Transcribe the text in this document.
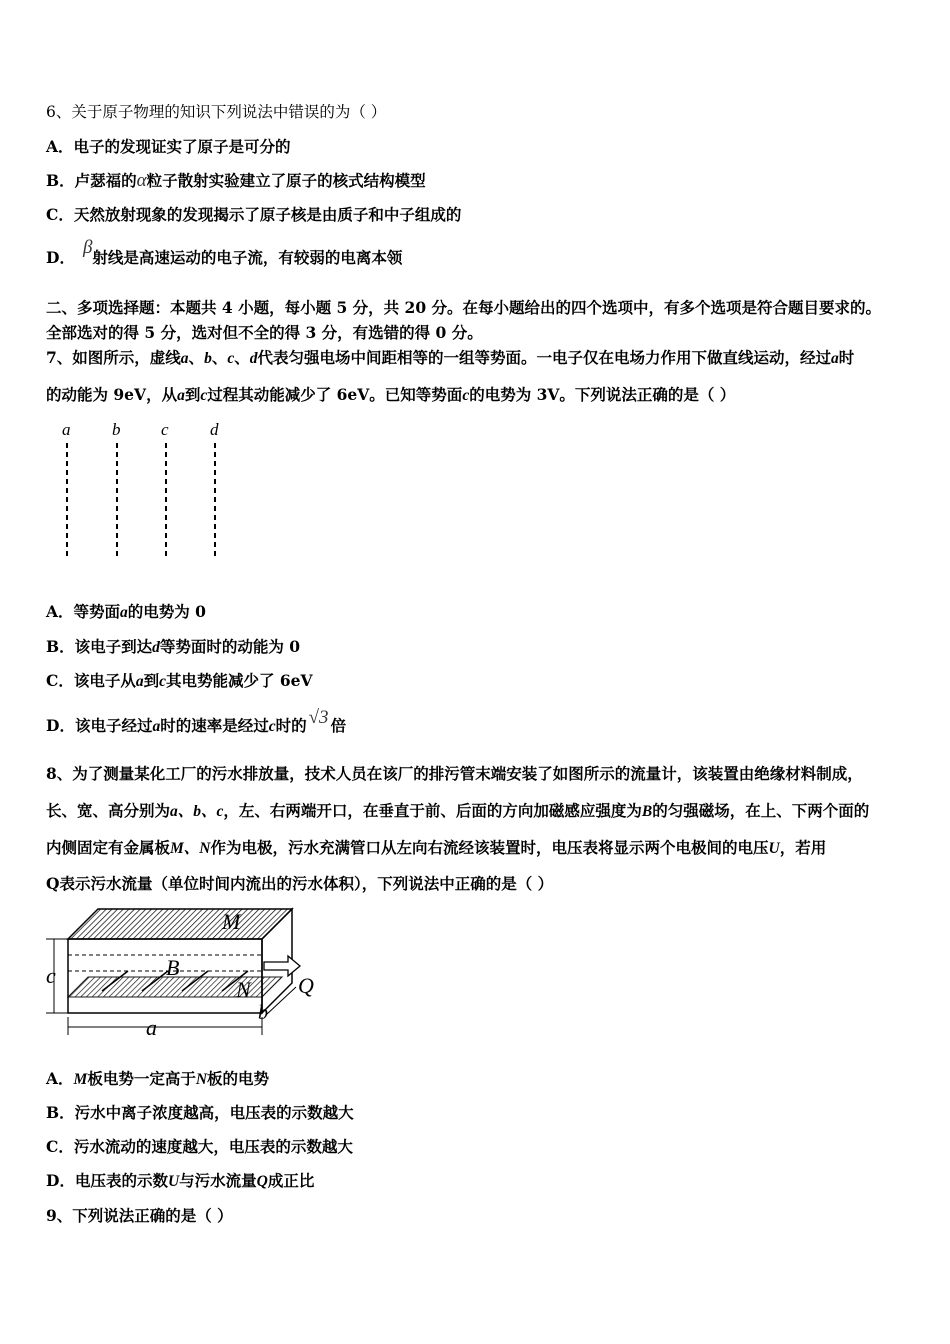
6、关于原子物理的知识下列说法中错误的为（ ）
A．电子的发现证实了原子是可分的
B．卢瑟福的α粒子散射实验建立了原子的核式结构模型
C．天然放射现象的发现揭示了原子核是由质子和中子组成的
D． β射线是高速运动的电子流，有较弱的电离本领
二、多项选择题：本题共 4 小题，每小题 5 分，共 20 分。在每小题给出的四个选项中，有多个选项是符合题目要求的。
全部选对的得 5 分，选对但不全的得 3 分，有选错的得 0 分。
7、如图所示，虚线a、b、c、d代表匀强电场中间距相等的一组等势面。一电子仅在电场力作用下做直线运动，经过a时
的动能为 9eV，从a到c过程其动能减少了 6eV。已知等势面c的电势为 3V。下列说法正确的是（ ）
a b c d
A．等势面a的电势为 0
B．该电子到达d等势面时的动能为 0
C．该电子从a到c其电势能减少了 6eV
D．该电子经过a时的速率是经过c时的 √3 倍
8、为了测量某化工厂的污水排放量，技术人员在该厂的排污管末端安装了如图所示的流量计，该装置由绝缘材料制成，
长、宽、高分别为a、b、c，左、右两端开口，在垂直于前、后面的方向加磁感应强度为B的匀强磁场，在上、下两个面的
内侧固定有金属板M、N作为电极，污水充满管口从左向右流经该装置时，电压表将显示两个电极间的电压U，若用
Q表示污水流量（单位时间内流出的污水体积），下列说法中正确的是（ ）
c
a
b
M
N
B
Q
A．M板电势一定高于N板的电势
B．污水中离子浓度越高，电压表的示数越大
C．污水流动的速度越大，电压表的示数越大
D．电压表的示数U与污水流量Q成正比
9、下列说法正确的是（ ）
